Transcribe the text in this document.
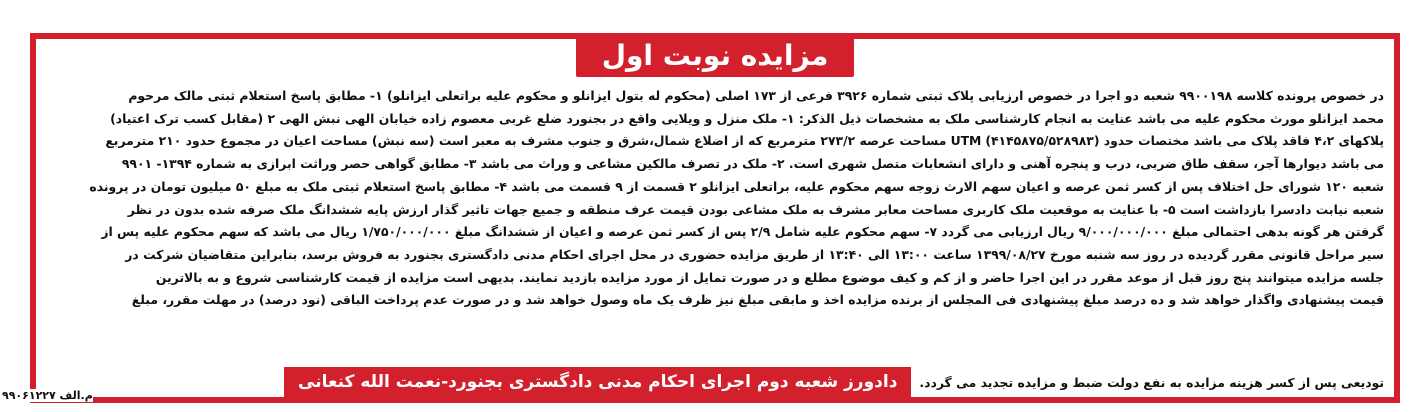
مزایده نوبت اول

در خصوص پرونده کلاسه ۹۹۰۰۱۹۸ شعبه دو اجرا در خصوص ارزیابی پلاک ثبتی شماره ۳۹۲۶ فرعی از ۱۷۳ اصلی (محکوم له بتول ایزانلو و محکوم علیه براتعلی ایزانلو) ۱- مطابق پاسخ استعلام ثبتی مالک مرحوم

محمد ایزانلو مورث محکوم علیه می باشد عنایت به انجام کارشناسی ملک به مشخصات ذیل الذکر: ۱- ملک منزل و ویلایی واقع در بجنورد ضلع غربی معصوم زاده خیابان الهی نبش الهی ۲ (مقابل کسب ترک اعتیاد)

پلاکهای ۴،۲ فاقد پلاک می باشد مختصات حدود UTM (۴۱۴۵۸۷۵/۵۲۸۹۸۳) مساحت عرصه ۲۷۳/۲ مترمربع که از اضلاع شمال،شرق و جنوب مشرف به معبر است (سه نبش) مساحت اعیان در مجموع حدود ۲۱۰ مترمربع

می باشد دیوارها آجر، سقف طاق ضربی، درب و پنجره آهنی و دارای انشعابات متصل شهری است. ۲- ملک در تصرف مالکین مشاعی و وراث می باشد ۳- مطابق گواهی حصر وراثت ابرازی به شماره ۱۳۹۴- ۹۹۰۱

شعبه ۱۲۰ شورای حل اختلاف پس از کسر ثمن عرصه و اعیان سهم الارث زوجه سهم محکوم علیه، براتعلی ایزانلو ۲ قسمت از ۹ قسمت می باشد ۴- مطابق پاسخ استعلام ثبتی ملک به مبلغ ۵۰ میلیون تومان در پرونده

شعبه نیابت دادسرا بازداشت است ۵- با عنایت به موقعیت ملک کاربری مساحت معابر مشرف به ملک مشاعی بودن قیمت عرف منطقه و جمیع جهات تاثیر گذار ارزش پایه ششدانگ ملک صرفه شده بدون در نظر

گرفتن هر گونه بدهی احتمالی مبلغ ۹/۰۰۰/۰۰۰/۰۰۰ ریال ارزیابی می گردد ۷- سهم محکوم علیه شامل ۲/۹ پس از کسر ثمن عرصه و اعیان از ششدانگ مبلغ ۱/۷۵۰/۰۰۰/۰۰۰ ریال می باشد که سهم محکوم علیه پس از

سیر مراحل قانونی مقرر گردیده در روز سه شنبه مورخ ۱۳۹۹/۰۸/۲۷ ساعت ۱۳:۰۰ الی ۱۳:۴۰ از طریق مزایده حضوری در محل اجرای احکام مدنی دادگستری بجنورد به فروش برسد، بنابراین متقاضیان شرکت در

جلسه مزایده میتوانند پنج روز قبل از موعد مقرر در این اجرا حاضر و از کم و کیف موضوع مطلع و در صورت تمایل از مورد مزایده بازدید نمایند. بدیهی است مزایده از قیمت کارشناسی شروع و به بالاترین

قیمت پیشنهادی واگذار خواهد شد و ده درصد مبلغ پیشنهادی فی المجلس از برنده مزایده اخذ و مابقی مبلغ نیز ظرف یک ماه وصول خواهد شد و در صورت عدم پرداخت الباقی (نود درصد) در مهلت مقرر، مبلغ

تودیعی پس از کسر هزینه مزایده به نفع دولت ضبط و مزایده تجدید می گردد.
دادورز شعبه دوم اجرای احکام مدنی دادگستری بجنورد-نعمت الله کنعانی
م.الف ۹۹۰۶۱۲۲۷
